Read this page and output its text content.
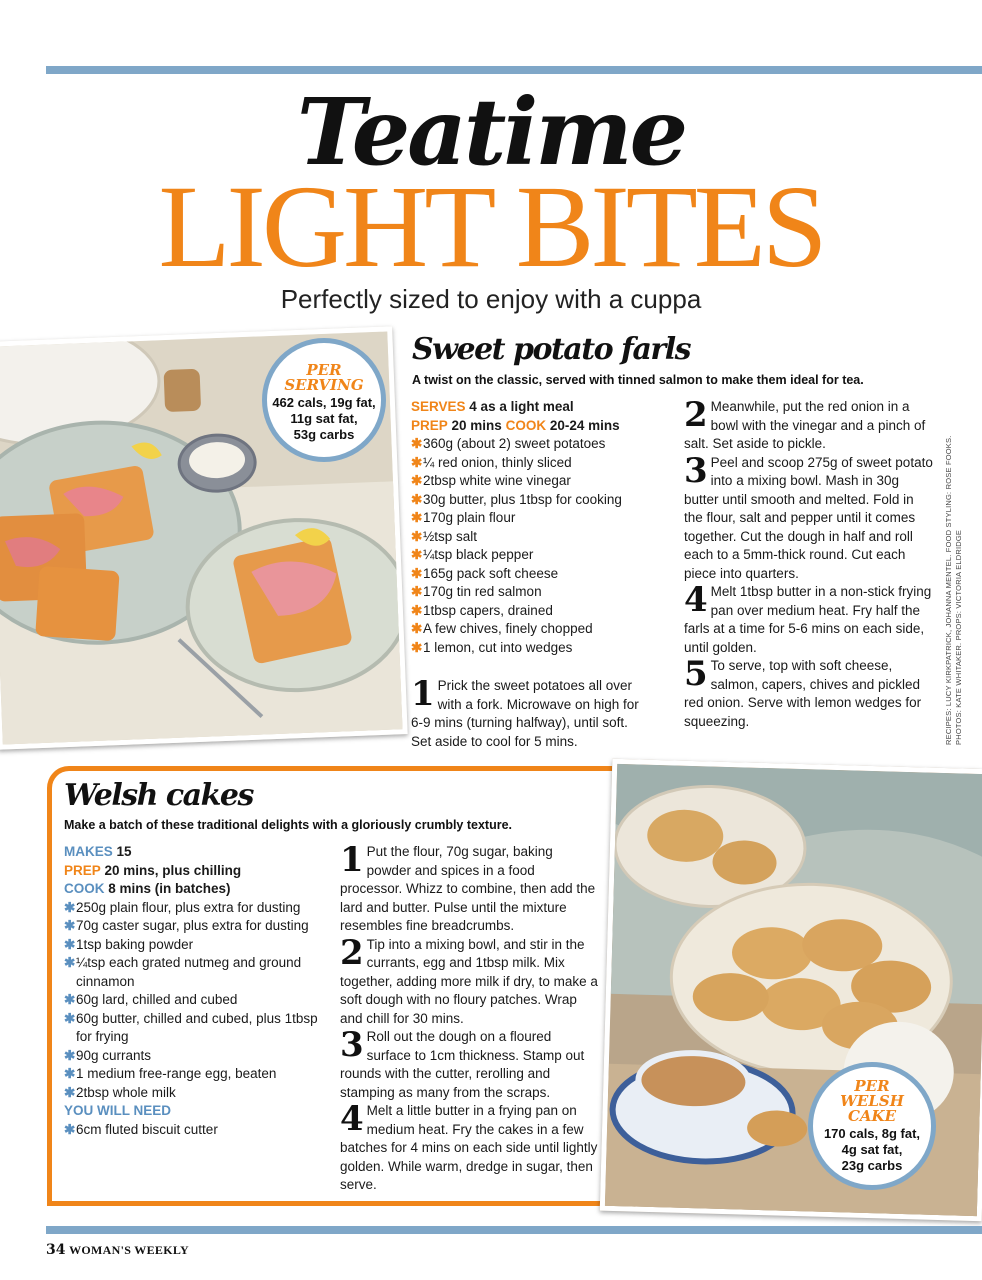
Teatime
LIGHT BITES
Perfectly sized to enjoy with a cuppa
PER
SERVING
462 cals, 19g fat,
11g sat fat,
53g carbs
Sweet potato farls
A twist on the classic, served with tinned salmon to make them ideal for tea.
SERVES 4 as a light meal
PREP 20 mins COOK 20-24 mins
✱ 360g (about 2) sweet potatoes
✱ ¼ red onion, thinly sliced
✱ 2tbsp white wine vinegar
✱ 30g butter, plus 1tbsp for cooking
✱ 170g plain flour
✱ ½tsp salt
✱ ¼tsp black pepper
✱ 165g pack soft cheese
✱ 170g tin red salmon
✱ 1tbsp capers, drained
✱ A few chives, finely chopped
✱ 1 lemon, cut into wedges
1 Prick the sweet potatoes all over with a fork. Microwave on high for 6-9 mins (turning halfway), until soft. Set aside to cool for 5 mins.
2 Meanwhile, put the red onion in a bowl with the vinegar and a pinch of salt. Set aside to pickle.
3 Peel and scoop 275g of sweet potato into a mixing bowl. Mash in 30g butter until smooth and melted. Fold in the flour, salt and pepper until it comes together. Cut the dough in half and roll each to a 5mm-thick round. Cut each piece into quarters.
4 Melt 1tbsp butter in a non-stick frying pan over medium heat. Fry half the farls at a time for 5-6 mins on each side, until golden.
5 To serve, top with soft cheese, salmon, capers, chives and pickled red onion. Serve with lemon wedges for squeezing.	RECIPES: LUCY KIRKPATRICK, JOHANNA MENTEL. FOOD STYLING: ROSE FOOKS. PHOTOS: KATE WHITAKER. PROPS: VICTORIA ELDRIDGE
PER
WELSH
CAKE
170 cals, 8g fat,
4g sat fat,
23g carbs
Welsh cakes
Make a batch of these traditional delights with a gloriously crumbly texture.
MAKES 15
PREP 20 mins, plus chilling
COOK 8 mins (in batches)
✱ 250g plain flour, plus extra for dusting
✱ 70g caster sugar, plus extra for dusting
✱ 1tsp baking powder
✱ ¼tsp each grated nutmeg and ground cinnamon
✱ 60g lard, chilled and cubed
✱ 60g butter, chilled and cubed, plus 1tbsp for frying
✱ 90g currants
✱ 1 medium free-range egg, beaten
✱ 2tbsp whole milk
YOU WILL NEED
✱ 6cm fluted biscuit cutter
1 Put the flour, 70g sugar, baking powder and spices in a food processor. Whizz to combine, then add the lard and butter. Pulse until the mixture resembles fine breadcrumbs.
2 Tip into a mixing bowl, and stir in the currants, egg and 1tbsp milk. Mix together, adding more milk if dry, to make a soft dough with no floury patches. Wrap and chill for 30 mins.
3 Roll out the dough on a floured surface to 1cm thickness. Stamp out rounds with the cutter, rerolling and stamping as many from the scraps.
4 Melt a little butter in a frying pan on medium heat. Fry the cakes in a few batches for 4 mins on each side until lightly golden. While warm, dredge in sugar, then serve.
34 WOMAN'S WEEKLY
